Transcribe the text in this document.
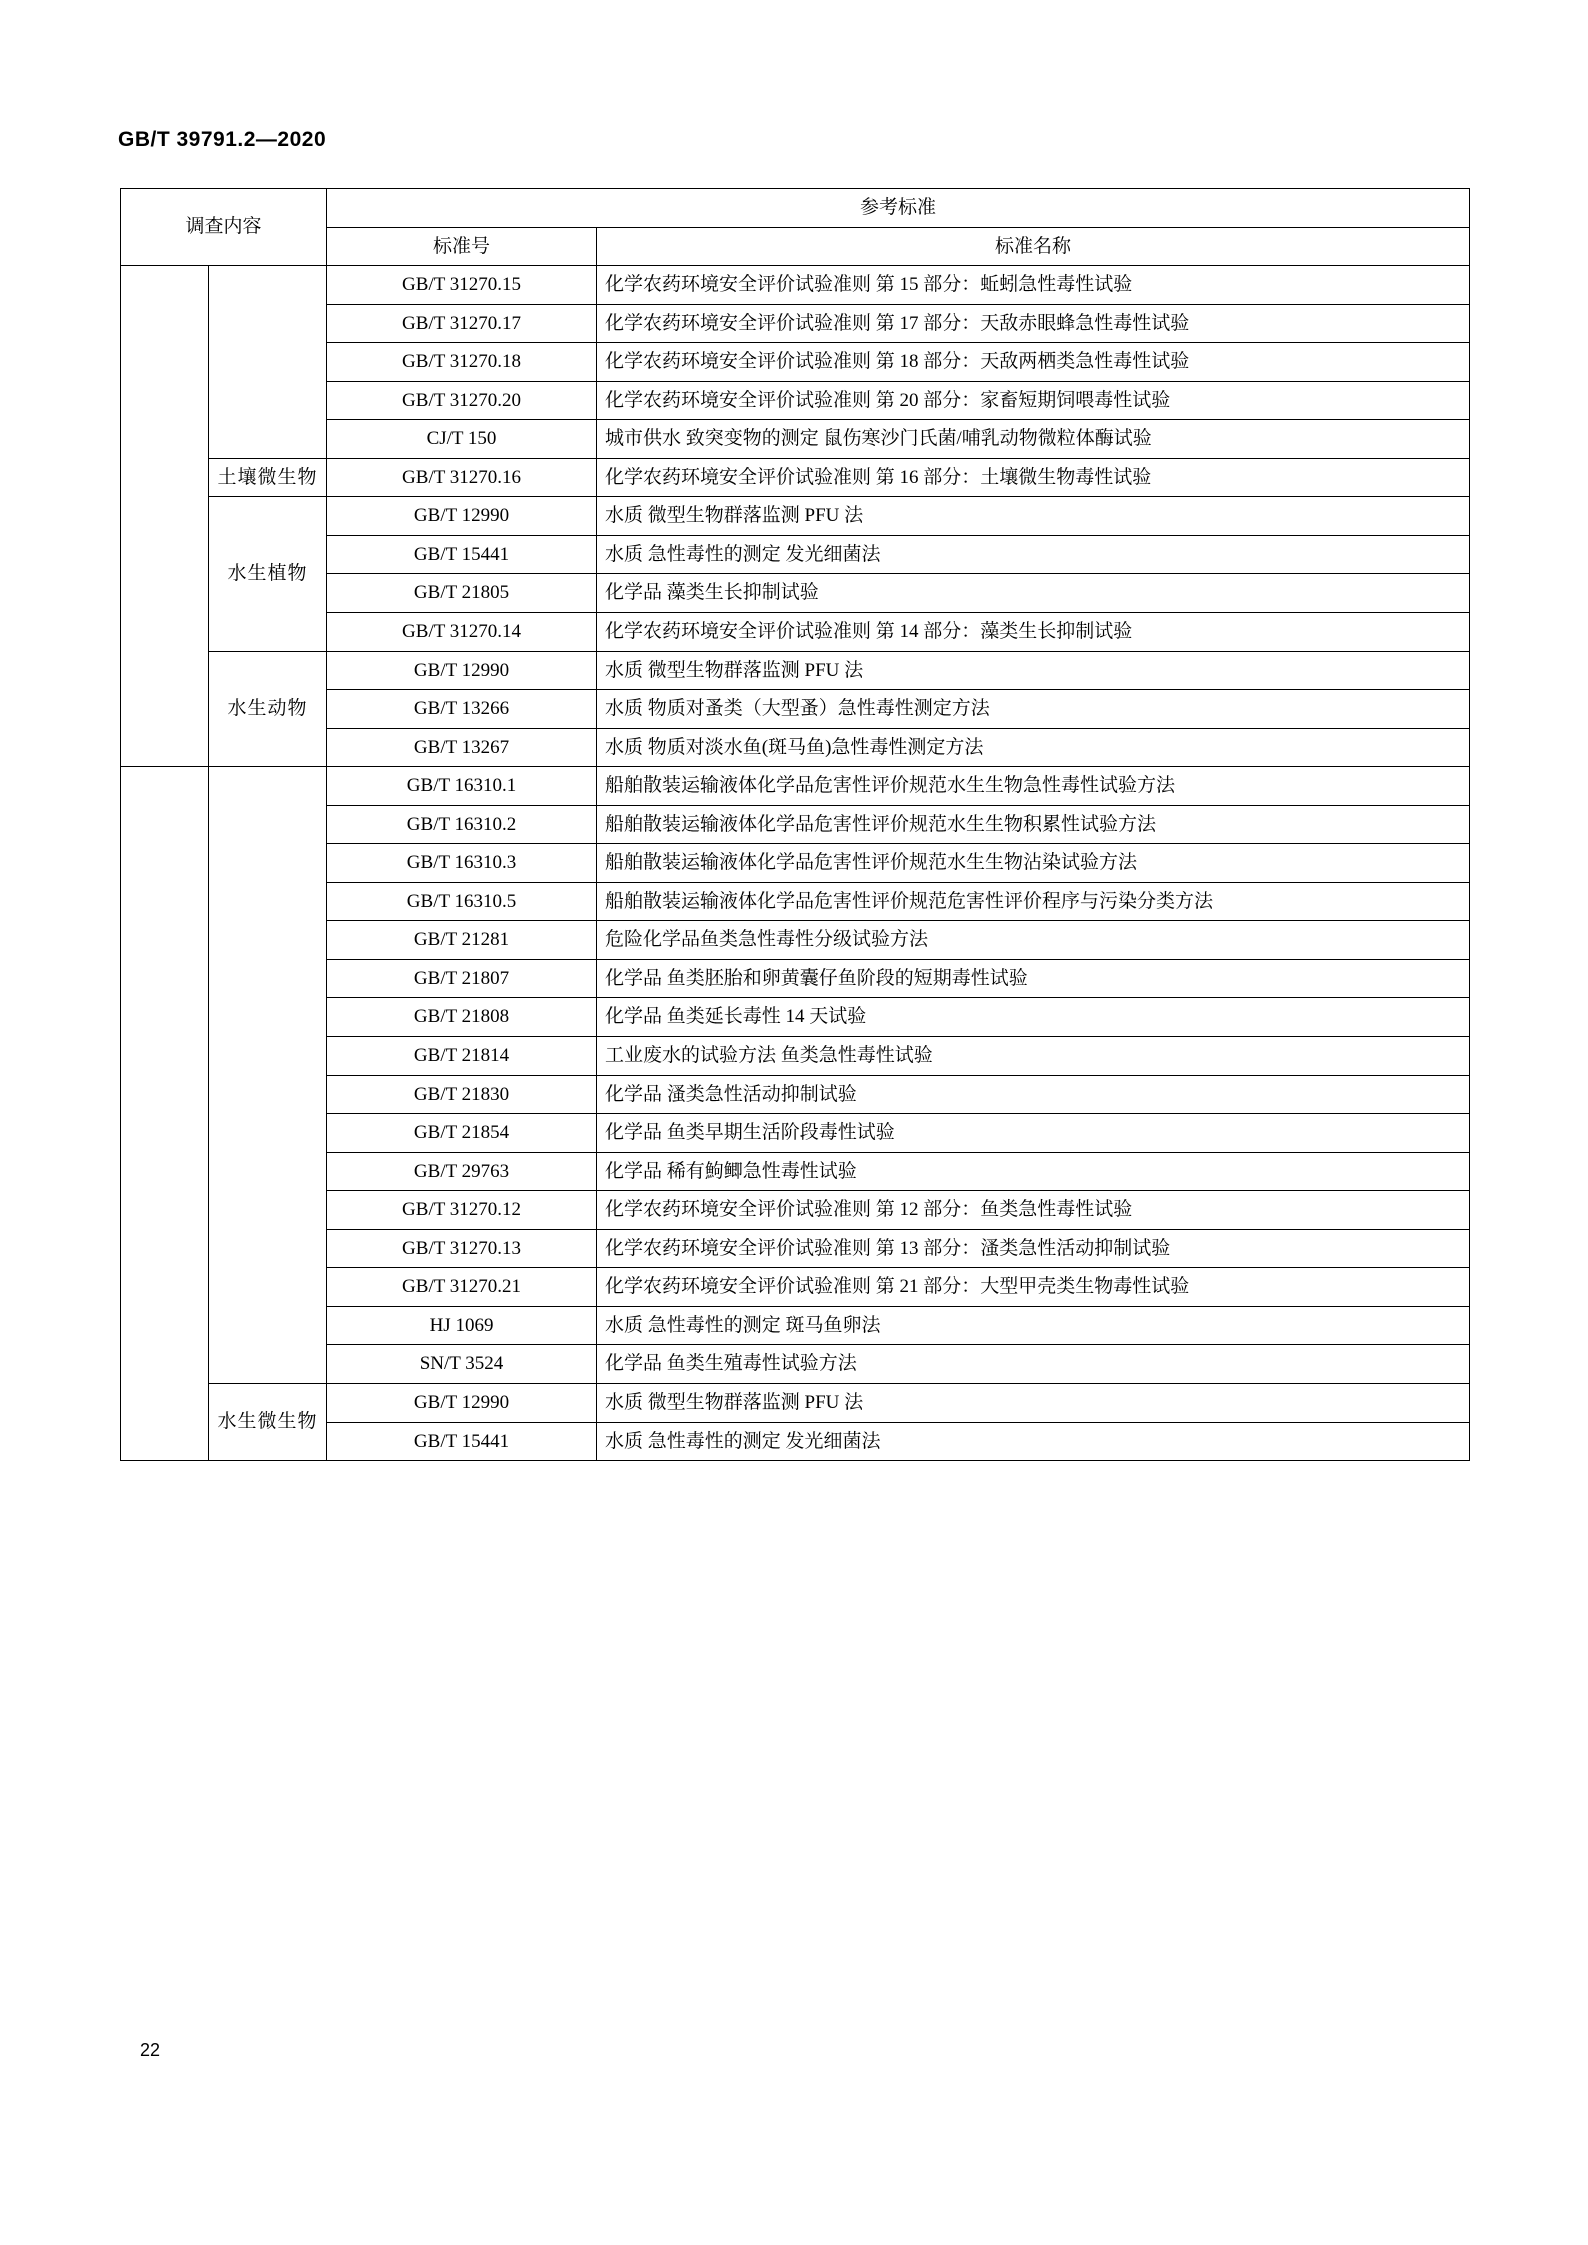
GB/T 39791.2—2020
调查内容		参考标准	
		标准号	标准名称
		GB/T 31270.15	化学农药环境安全评价试验准则 第 15 部分：蚯蚓急性毒性试验
		GB/T 31270.17	化学农药环境安全评价试验准则 第 17 部分：天敌赤眼蜂急性毒性试验
		GB/T 31270.18	化学农药环境安全评价试验准则 第 18 部分：天敌两栖类急性毒性试验
		GB/T 31270.20	化学农药环境安全评价试验准则 第 20 部分：家畜短期饲喂毒性试验
		CJ/T 150	城市供水 致突变物的测定 鼠伤寒沙门氏菌/哺乳动物微粒体酶试验
	土壤微生物	GB/T 31270.16	化学农药环境安全评价试验准则 第 16 部分：土壤微生物毒性试验
	水生植物	GB/T 12990	水质 微型生物群落监测 PFU 法
		GB/T 15441	水质 急性毒性的测定 发光细菌法
		GB/T 21805	化学品 藻类生长抑制试验
		GB/T 31270.14	化学农药环境安全评价试验准则 第 14 部分：藻类生长抑制试验
	水生动物	GB/T 12990	水质 微型生物群落监测 PFU 法
		GB/T 13266	水质 物质对蚤类（大型蚤）急性毒性测定方法
		GB/T 13267	水质 物质对淡水鱼(斑马鱼)急性毒性测定方法
		GB/T 16310.1	船舶散装运输液体化学品危害性评价规范水生生物急性毒性试验方法
		GB/T 16310.2	船舶散装运输液体化学品危害性评价规范水生生物积累性试验方法
		GB/T 16310.3	船舶散装运输液体化学品危害性评价规范水生生物沾染试验方法
		GB/T 16310.5	船舶散装运输液体化学品危害性评价规范危害性评价程序与污染分类方法
		GB/T 21281	危险化学品鱼类急性毒性分级试验方法
		GB/T 21807	化学品 鱼类胚胎和卵黄囊仔鱼阶段的短期毒性试验
		GB/T 21808	化学品 鱼类延长毒性 14 天试验
		GB/T 21814	工业废水的试验方法 鱼类急性毒性试验
		GB/T 21830	化学品 溞类急性活动抑制试验
		GB/T 21854	化学品 鱼类早期生活阶段毒性试验
		GB/T 29763	化学品 稀有鮈鲫急性毒性试验
		GB/T 31270.12	化学农药环境安全评价试验准则 第 12 部分：鱼类急性毒性试验
		GB/T 31270.13	化学农药环境安全评价试验准则 第 13 部分：溞类急性活动抑制试验
		GB/T 31270.21	化学农药环境安全评价试验准则 第 21 部分：大型甲壳类生物毒性试验
		HJ 1069	水质 急性毒性的测定 斑马鱼卵法
		SN/T 3524	化学品 鱼类生殖毒性试验方法
	水生微生物	GB/T 12990	水质 微型生物群落监测 PFU 法
		GB/T 15441	水质 急性毒性的测定 发光细菌法
22
